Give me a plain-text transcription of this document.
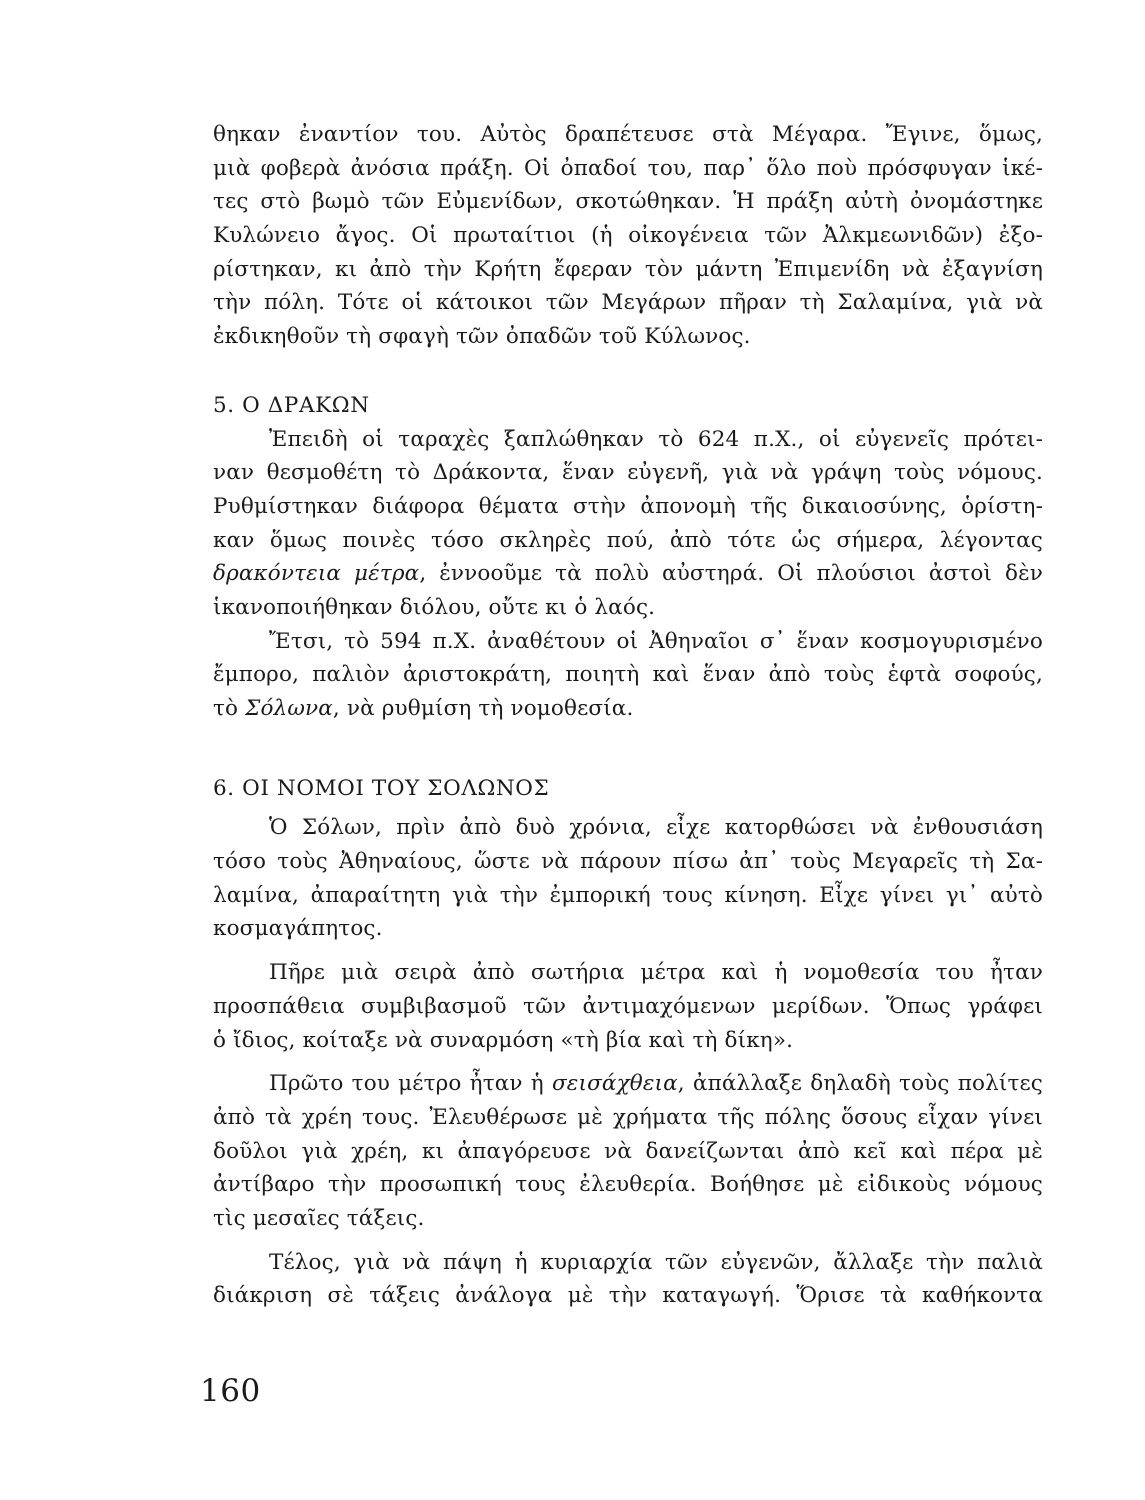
θηκαν ἐναντίον του. Αὐτὸς δραπέτευσε στὰ Μέγαρα. Ἔγινε, ὅμως,
μιὰ φοβερὰ ἀνόσια πράξη. Οἱ ὀπαδοί του, παρ᾿ ὅλο ποὺ πρόσφυγαν ἱκέ-
τες στὸ βωμὸ τῶν Εὐμενίδων, σκοτώθηκαν. Ἡ πράξη αὐτὴ ὀνομάστηκε
Κυλώνειο ἄγος. Οἱ πρωταίτιοι (ἡ οἰκογένεια τῶν Ἀλκμεωνιδῶν) ἐξο-
ρίστηκαν, κι ἀπὸ τὴν Κρήτη ἔφεραν τὸν μάντη Ἐπιμενίδη νὰ ἐξαγνίση
τὴν πόλη. Τότε οἱ κάτοικοι τῶν Μεγάρων πῆραν τὴ Σαλαμίνα, γιὰ νὰ
ἐκδικηθοῦν τὴ σφαγὴ τῶν ὀπαδῶν τοῦ Κύλωνος.
5. Ο ΔΡΑΚΩΝ
Ἐπειδὴ οἱ ταραχὲς ξαπλώθηκαν τὸ 624 π.Χ., οἱ εὐγενεῖς πρότει-
ναν θεσμοθέτη τὸ Δράκοντα, ἕναν εὐγενῆ, γιὰ νὰ γράψη τοὺς νόμους.
Ρυθμίστηκαν διάφορα θέματα στὴν ἀπονομὴ τῆς δικαιοσύνης, ὁρίστη-
καν ὅμως ποινὲς τόσο σκληρὲς πού, ἀπὸ τότε ὡς σήμερα, λέγοντας
δρακόντεια μέτρα, ἐννοοῦμε τὰ πολὺ αὐστηρά. Οἱ πλούσιοι ἀστοὶ δὲν
ἱκανοποιήθηκαν διόλου, οὔτε κι ὁ λαός.
Ἔτσι, τὸ 594 π.Χ. ἀναθέτουν οἱ Ἀθηναῖοι σ᾿ ἕναν κοσμογυρισμένο
ἔμπορο, παλιὸν ἀριστοκράτη, ποιητὴ καὶ ἕναν ἀπὸ τοὺς ἑφτὰ σοφούς,
τὸ Σόλωνα, νὰ ρυθμίση τὴ νομοθεσία.
6. ΟΙ ΝΟΜΟΙ ΤΟΥ ΣΟΛΩΝΟΣ
Ὁ Σόλων, πρὶν ἀπὸ δυὸ χρόνια, εἶχε κατορθώσει νὰ ἐνθουσιάση
τόσο τοὺς Ἀθηναίους, ὥστε νὰ πάρουν πίσω ἀπ᾿ τοὺς Μεγαρεῖς τὴ Σα-
λαμίνα, ἀπαραίτητη γιὰ τὴν ἐμπορική τους κίνηση. Εἶχε γίνει γι᾿ αὐτὸ
κοσμαγάπητος.
Πῆρε μιὰ σειρὰ ἀπὸ σωτήρια μέτρα καὶ ἡ νομοθεσία του ἦταν
προσπάθεια συμβιβασμοῦ τῶν ἀντιμαχόμενων μερίδων. Ὅπως γράφει
ὁ ἴδιος, κοίταξε νὰ συναρμόση «τὴ βία καὶ τὴ δίκη».
Πρῶτο του μέτρο ἦταν ἡ σεισάχθεια, ἀπάλλαξε δηλαδὴ τοὺς πολίτες
ἀπὸ τὰ χρέη τους. Ἐλευθέρωσε μὲ χρήματα τῆς πόλης ὅσους εἶχαν γίνει
δοῦλοι γιὰ χρέη, κι ἀπαγόρευσε νὰ δανείζωνται ἀπὸ κεῖ καὶ πέρα μὲ
ἀντίβαρο τὴν προσωπική τους ἐλευθερία. Βοήθησε μὲ εἰδικοὺς νόμους
τὶς μεσαῖες τάξεις.
Τέλος, γιὰ νὰ πάψη ἡ κυριαρχία τῶν εὐγενῶν, ἄλλαξε τὴν παλιὰ
διάκριση σὲ τάξεις ἀνάλογα μὲ τὴν καταγωγή. Ὅρισε τὰ καθήκοντα
160
